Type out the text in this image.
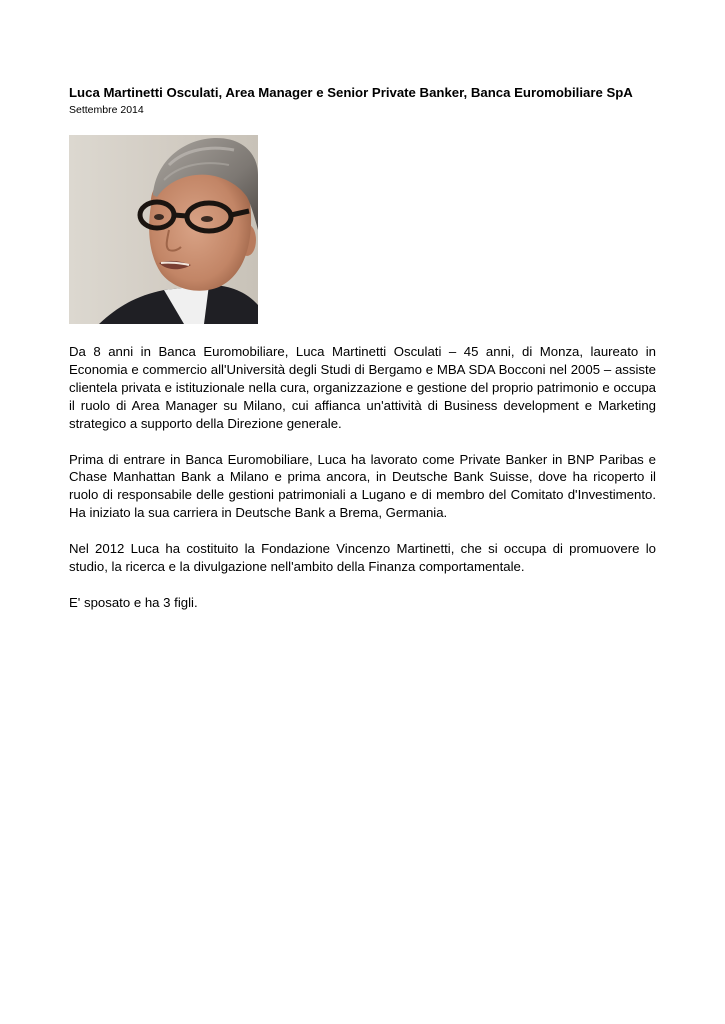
Luca Martinetti Osculati, Area Manager e Senior Private Banker, Banca Euromobiliare SpA
Settembre 2014

Da 8 anni in Banca Euromobiliare, Luca Martinetti Osculati – 45 anni, di Monza, laureato in Economia e commercio all'Università degli Studi di Bergamo e MBA SDA Bocconi nel 2005 – assiste clientela privata e istituzionale nella cura, organizzazione e gestione del proprio patrimonio e occupa il ruolo di Area Manager su Milano, cui affianca un'attività di Business development e Marketing strategico a supporto della Direzione generale.

Prima di entrare in Banca Euromobiliare, Luca ha lavorato come Private Banker in BNP Paribas e Chase Manhattan Bank a Milano e prima ancora, in Deutsche Bank Suisse, dove ha ricoperto il ruolo di responsabile delle gestioni patrimoniali a Lugano e di membro del Comitato d'Investimento. Ha iniziato la sua carriera in Deutsche Bank a Brema, Germania.

Nel 2012 Luca ha costituito la Fondazione Vincenzo Martinetti, che si occupa di promuovere lo studio, la ricerca e la divulgazione nell'ambito della Finanza comportamentale.

E' sposato e ha 3 figli.
